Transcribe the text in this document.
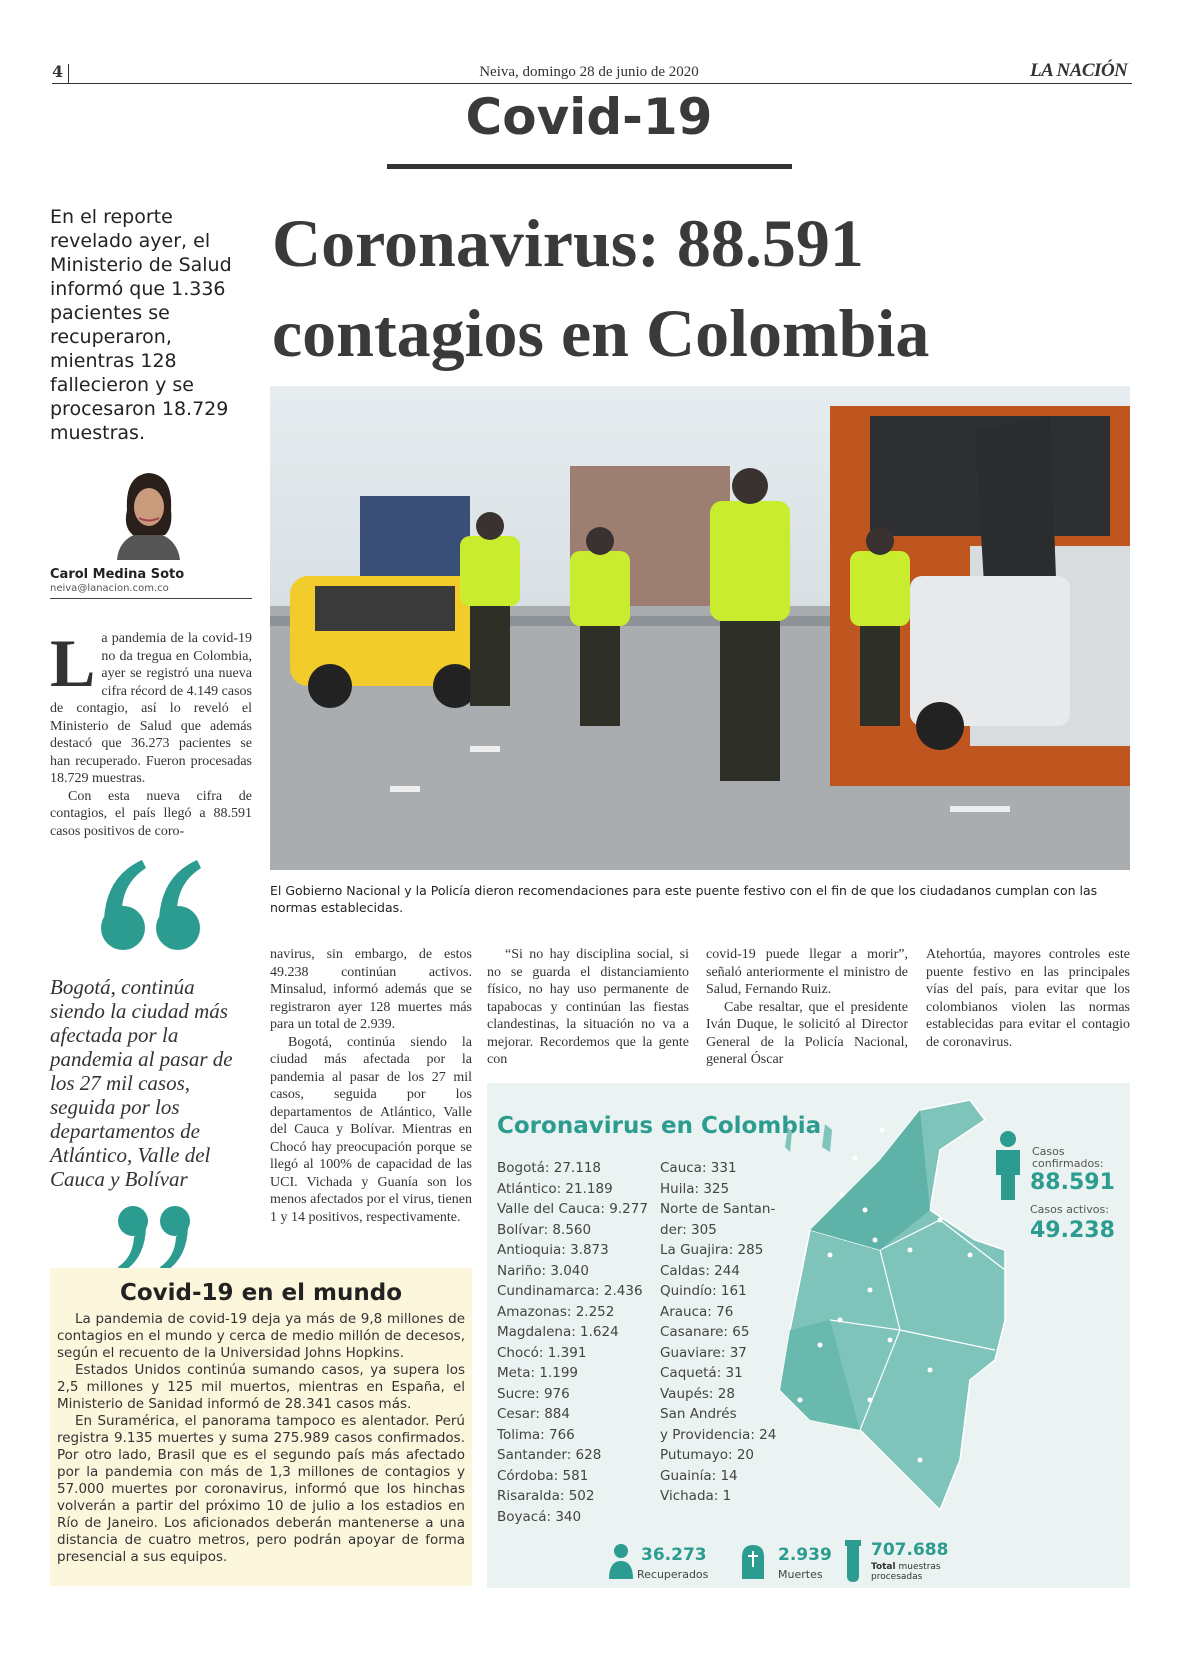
4	Neiva, domingo 28 de junio de 2020	LA NACIÓN
Covid-19
Coronavirus: 88.591
contagios en Colombia
En el reporte revelado ayer, el Ministerio de Salud informó que 1.336 pacientes se recuperaron, mientras 128 fallecieron y se procesaron 18.729 muestras.
Carol Medina Soto
neiva@lanacion.com.co
La pandemia de la covid-19 no da tregua en Colombia, ayer se registró una nueva cifra récord de 4.149 casos de contagio, así lo reveló el Ministerio de Salud que además destacó que 36.273 pacientes se han recuperado. Fueron procesadas 18.729 muestras.
Con esta nueva cifra de contagios, el país llegó a 88.591 casos positivos de coro-
Bogotá, continúa siendo la ciudad más afectada por la pandemia al pasar de los 27 mil casos, seguida por los departamentos de Atlántico, Valle del Cauca y Bolívar
El Gobierno Nacional y la Policía dieron recomendaciones para este puente festivo con el fin de que los ciudadanos cumplan con las normas establecidas.
navirus, sin embargo, de estos 49.238 continúan activos. Minsalud, informó además que se registraron ayer 128 muertes más para un total de 2.939.
Bogotá, continúa siendo la ciudad más afectada por la pandemia al pasar de los 27 mil casos, seguida por los departamentos de Atlántico, Valle del Cauca y Bolívar. Mientras en Chocó hay preocupación porque se llegó al 100% de capacidad de las UCI. Vichada y Guanía son los menos afectados por el virus, tienen 1 y 14 positivos, respectivamente.
“Si no hay disciplina social, si no se guarda el distanciamiento físico, no hay uso permanente de tapabocas y continúan las fiestas clandestinas, la situación no va a mejorar. Recordemos que la gente con
covid-19 puede llegar a morir”, señaló anteriormente el ministro de Salud, Fernando Ruiz.
Cabe resaltar, que el presidente Iván Duque, le solicitó al Director General de la Policía Nacional, general Óscar
Atehortúa, mayores controles este puente festivo en las principales vías del país, para evitar que los colombianos violen las normas establecidas para evitar el contagio de coronavirus.
Covid-19 en el mundo
La pandemia de covid-19 deja ya más de 9,8 millones de contagios en el mundo y cerca de medio millón de decesos, según el recuento de la Universidad Johns Hopkins.
Estados Unidos continúa sumando casos, ya supera los 2,5 millones y 125 mil muertos, mientras en España, el Ministerio de Sanidad informó de 28.341 casos más.
En Suramérica, el panorama tampoco es alentador. Perú registra 9.135 muertes y suma 275.989 casos confirmados. Por otro lado, Brasil que es el segundo país más afectado por la pandemia con más de 1,3 millones de contagios y 57.000 muertes por coronavirus, informó que los hinchas volverán a partir del próximo 10 de julio a los estadios en Río de Janeiro. Los aficionados deberán mantenerse a una distancia de cuatro metros, pero podrán apoyar de forma presencial a sus equipos.
Coronavirus en Colombia
Bogotá: 27.118
Atlántico: 21.189
Valle del Cauca: 9.277
Bolívar: 8.560
Antioquia: 3.873
Nariño: 3.040
Cundinamarca: 2.436
Amazonas: 2.252
Magdalena: 1.624
Chocó: 1.391
Meta: 1.199
Sucre: 976
Cesar: 884
Tolima: 766
Santander: 628
Córdoba: 581
Risaralda: 502
Boyacá: 340
Cauca: 331
Huila: 325
Norte de Santan-
der: 305
La Guajira: 285
Caldas: 244
Quindío: 161
Arauca: 76
Casanare: 65
Guaviare: 37
Caquetá: 31
Vaupés: 28
San Andrés
y Providencia: 24
Putumayo: 20
Guainía: 14
Vichada: 1
Casos confirmados:
88.591
Casos activos:
49.238
36.273
Recuperados
2.939
Muertes
707.688
Total muestras procesadas
